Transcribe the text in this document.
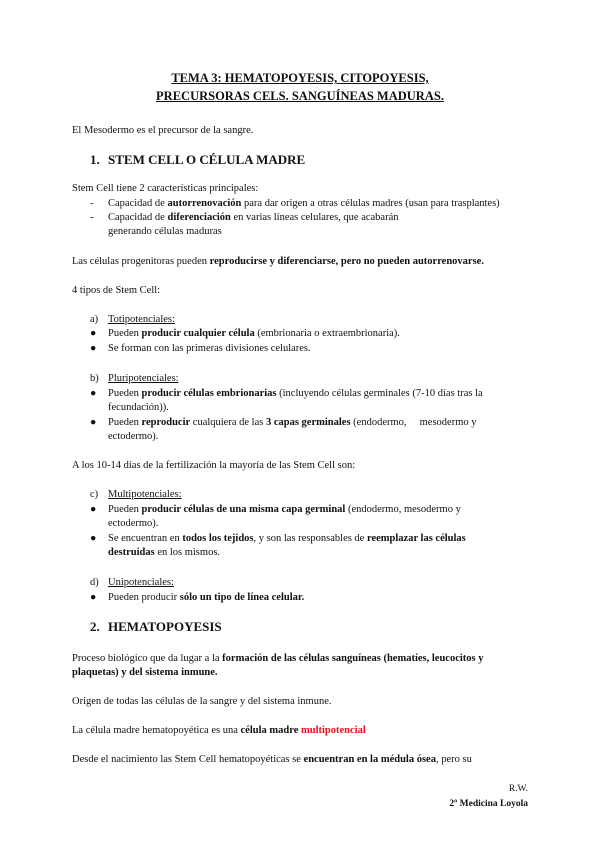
TEMA 3: HEMATOPOYESIS, CITOPOYESIS,
PRECURSORAS CELS. SANGUÍNEAS MADURAS.
El Mesodermo es el precursor de la sangre.
1. STEM CELL O CÉLULA MADRE
Stem Cell tiene 2 características principales:
- Capacidad de autorrenovación para dar origen a otras células madres (usan para trasplantes)
- Capacidad de diferenciación en varias líneas celulares, que acabarán
generando células maduras
Las células progenitoras pueden reproducirse y diferenciarse, pero no pueden autorrenovarse.
4 tipos de Stem Cell:
a) Totipotenciales:
● Pueden producir cualquier célula (embrionaria o extraembrionaria).
● Se forman con las primeras divisiones celulares.
b) Pluripotenciales:
● Pueden producir células embrionarias (incluyendo células germinales (7-10 días tras la
fecundación)).
● Pueden reproducir cualquiera de las 3 capas germinales (endodermo,     mesodermo y
ectodermo).
A los 10-14 días de la fertilización la mayoría de las Stem Cell son:
c) Multipotenciales:
● Pueden producir células de una misma capa germinal (endodermo, mesodermo y
ectodermo).
● Se encuentran en todos los tejidos, y son las responsables de reemplazar las células
destruidas en los mismos.
d) Unipotenciales:
● Pueden producir sólo un tipo de línea celular.
2. HEMATOPOYESIS
Proceso biológico que da lugar a la formación de las células sanguíneas (hematíes, leucocitos y
plaquetas) y del sistema inmune.
Origen de todas las células de la sangre y del sistema inmune.
La célula madre hematopoyética es una célula madre multipotencial
Desde el nacimiento las Stem Cell hematopoyéticas se encuentran en la médula ósea, pero su
R.W.
2º Medicina Loyola
